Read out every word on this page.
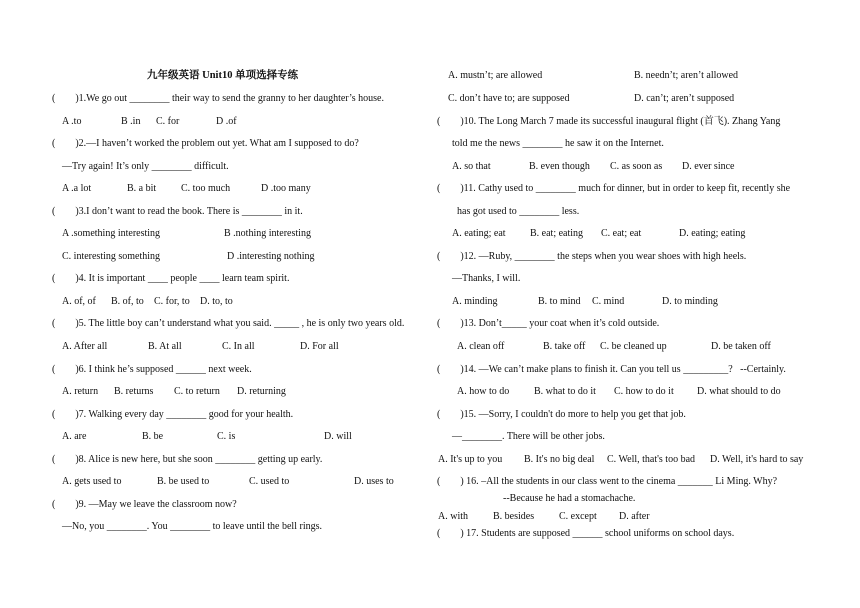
九年级英语 Unit10 单项选择专练
(        )1.We go out ________ their way to send the granny to her daughter’s house.
A .to	B .in C. for	D .of
(        )2.—I haven’t worked the problem out yet. What am I supposed to do?
—Try again! It’s only ________ difficult.
A .a lot	B. a bit C. too much	D .too many
(        )3.I don’t want to read the book. There is ________ in it.
A .something interesting	B .nothing interesting
C. interesting something	D .interesting nothing
(        )4. It is important ____ people ____ learn team spirit.
A. of, of B. of, to C. for, to D. to, to
(        )5. The little boy can’t understand what you said. _____ , he is only two years old.
A. After all	B. At all	C. In all	D. For all
(        )6. I think he’s supposed ______ next week.
A. return B. returns C. to return D. returning
(        )7. Walking every day ________ good for your health.
A. are	B. be	C. is	D. will
(        )8. Alice is new here, but she soon ________ getting up early.
A. gets used to	B. be used to	C. used to	D. uses to
(        )9. —May we leave the classroom now?
—No, you ________. You ________ to leave until the bell rings.
A. mustn’t; are allowed	B. needn’t; aren’t allowed
C. don’t have to; are supposed	D. can’t; aren’t supposed
(        )10. The Long March 7 made its successful inaugural flight (首飞). Zhang Yang
told me the news ________ he saw it on the Internet.
A. so that	B. even though C. as soon as D. ever since
(        )11. Cathy used to ________ much for dinner, but in order to keep fit, recently she
has got used to ________ less.
A. eating; eat B. eat; eating C. eat; eat	D. eating; eating
(        )12. —Ruby, ________ the steps when you wear shoes with high heels.
—Thanks, I will.
A. minding	B. to mind C. mind	D. to minding
(        )13. Don’t_____ your coat when it’s cold outside.
A. clean off	B. take off C. be cleaned up	D. be taken off
(        )14. —We can’t make plans to finish it. Can you tell us _________?   --Certainly.
A. how to do B. what to do it C. how to do it D. what should to do
(        )15. —Sorry, I couldn't do more to help you get that job.
—________. There will be other jobs.
A. It's up to you B. It's no big deal C. Well, that's too bad D. Well, it's hard to say
(        ) 16. –All the students in our class went to the cinema _______ Li Ming. Why?
--Because he had a stomachache.
A. with	B. besides C. except D. after
(        ) 17. Students are supposed ______ school uniforms on school days.
